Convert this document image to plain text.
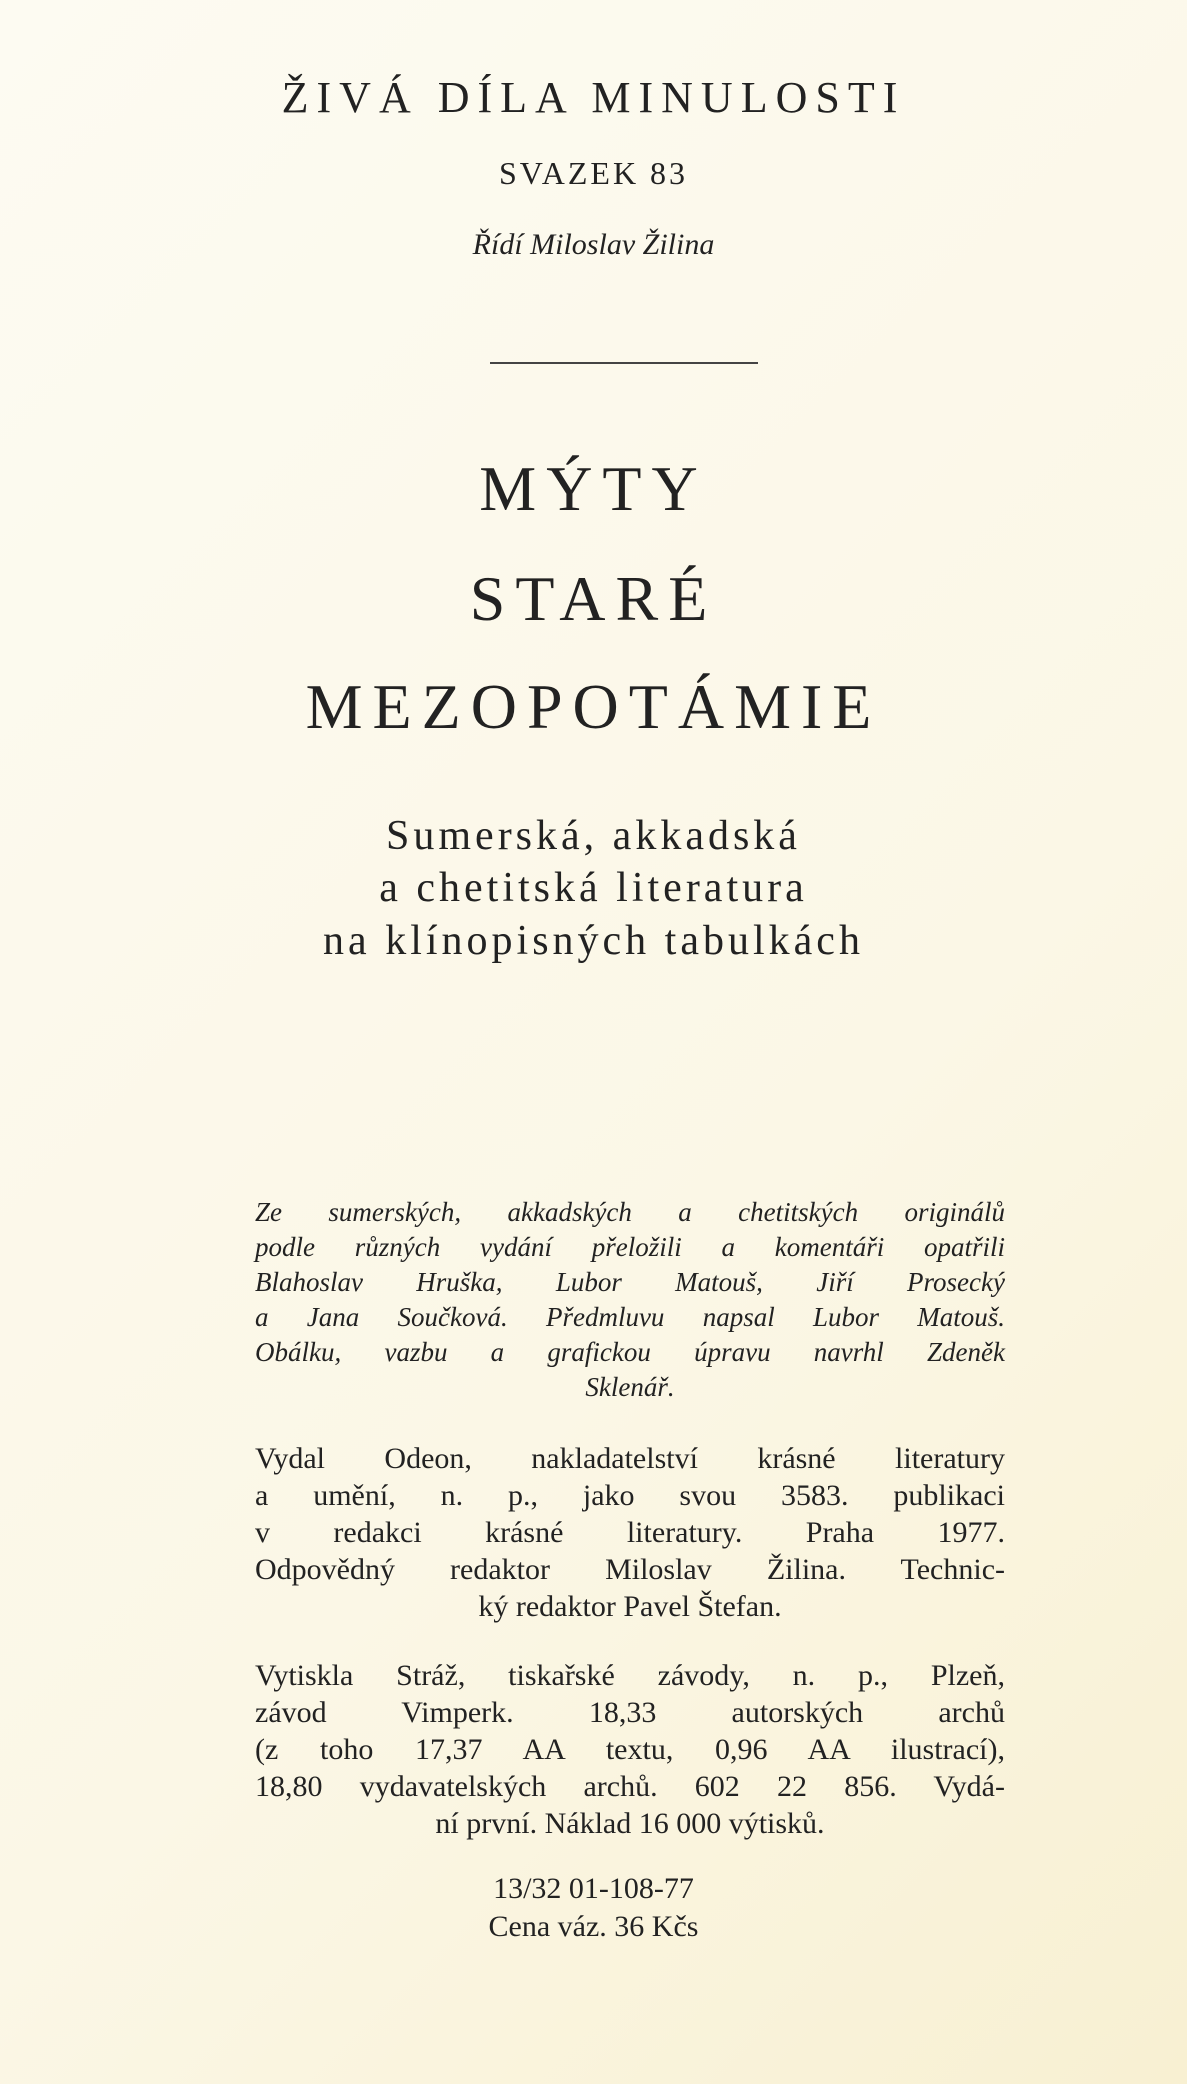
ŽIVÁ DÍLA MINULOSTI
SVAZEK 83
Řídí Miloslav Žilina
MÝTY
STARÉ
MEZOPOTÁMIE
Sumerská, akkadská
a chetitská literatura
na klínopisných tabulkách
Ze sumerských, akkadských a chetitských originálů
podle různých vydání přeložili a komentáři opatřili
Blahoslav Hruška, Lubor Matouš, Jiří Prosecký
a Jana Součková. Předmluvu napsal Lubor Matouš.
Obálku, vazbu a grafickou úpravu navrhl Zdeněk
Sklenář.
Vydal Odeon, nakladatelství krásné literatury
a umění, n. p., jako svou 3583. publikaci
v redakci krásné literatury. Praha 1977.
Odpovědný redaktor Miloslav Žilina. Technic-
ký redaktor Pavel Štefan.
Vytiskla Stráž, tiskařské závody, n. p., Plzeň,
závod Vimperk. 18,33 autorských archů
(z toho 17,37 AA textu, 0,96 AA ilustrací),
18,80 vydavatelských archů. 602 22 856. Vydá-
ní první. Náklad 16 000 výtisků.
13/32 01-108-77
Cena váz. 36 Kčs
